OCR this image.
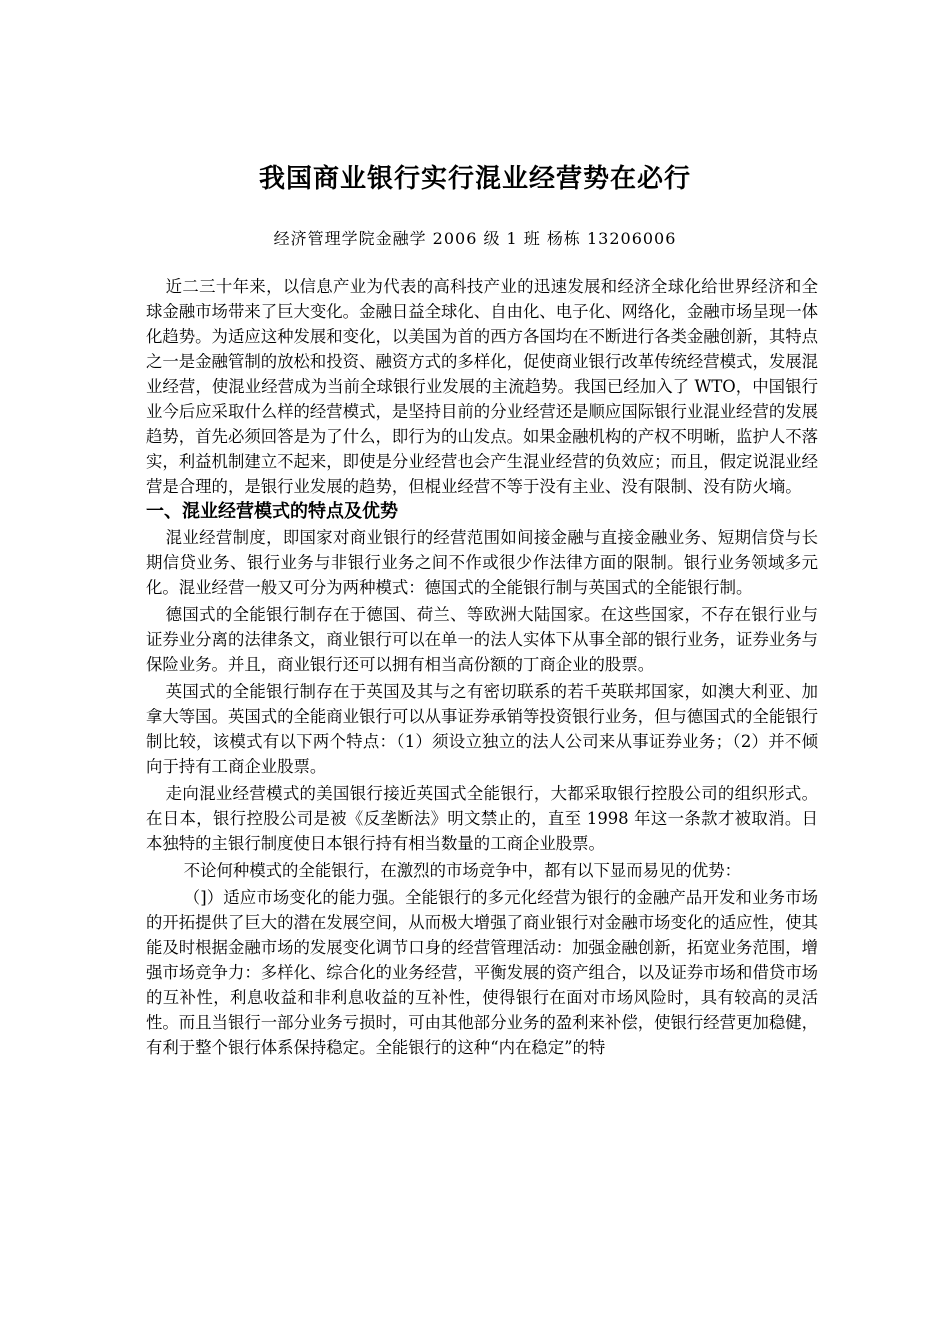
我国商业银行实行混业经营势在必行
经济管理学院金融学 2006 级 1 班 杨栋 13206006

近二三十年来，以信息产业为代表的高科技产业的迅速发展和经济全球化给世界经济和全球金融市场带来了巨大变化。金融日益全球化、自由化、电子化、网络化，金融市场呈现一体化趋势。为适应这种发展和变化，以美国为首的西方各国均在不断进行各类金融创新，其特点之一是金融管制的放松和投资、融资方式的多样化，促使商业银行改革传统经营模式，发展混业经营，使混业经营成为当前全球银行业发展的主流趋势。我国已经加入了 WTO，中国银行业今后应采取什么样的经营模式，是坚持目前的分业经营还是顺应国际银行业混业经营的发展趋势，首先必须回答是为了什么，即行为的山发点。如果金融机构的产权不明晰，监护人不落实，利益机制建立不起来，即使是分业经营也会产生混业经营的负效应；而且，假定说混业经营是合理的，是银行业发展的趋势，但棍业经营不等于没有主业、没有限制、没有防火墒。

一、混业经营模式的特点及优势

混业经营制度，即国家对商业银行的经营范围如间接金融与直接金融业务、短期信贷与长期信贷业务、银行业务与非银行业务之间不作或很少作法律方面的限制。银行业务领域多元化。混业经营一般又可分为两种模式：德国式的全能银行制与英国式的全能银行制。

德国式的全能银行制存在于德国、荷兰、等欧洲大陆国家。在这些国家，不存在银行业与证券业分离的法律条文，商业银行可以在单一的法人实体下从事全部的银行业务，证券业务与保险业务。并且，商业银行还可以拥有相当高份额的丁商企业的股票。

英国式的全能银行制存在于英国及其与之有密切联系的若千英联邦国家，如澳大利亚、加拿大等国。英国式的全能商业银行可以从事证券承销等投资银行业务，但与德国式的全能银行制比较，该模式有以下两个特点：（1）须设立独立的法人公司来从事证券业务；（2）并不倾向于持有工商企业股票。

走向混业经营模式的美国银行接近英国式全能银行，大都采取银行控股公司的组织形式。在日本，银行控股公司是被《反垄断法》明文禁止的，直至 1998 年这一条款才被取消。日本独特的主银行制度使日本银行持有相当数量的工商企业股票。

不论何种模式的全能银行，在激烈的市场竞争中，都有以下显而易见的优势：

（]）适应市场变化的能力强。全能银行的多元化经营为银行的金融产品开发和业务市场的开拓提供了巨大的潜在发展空间，从而极大增强了商业银行对金融市场变化的适应性，使其能及时根据金融市场的发展变化调节口身的经营管理活动：加强金融创新，拓宽业务范围，增强市场竞争力：多样化、综合化的业务经营，平衡发展的资产组合，以及证券市场和借贷市场的互补性，利息收益和非利息收益的互补性，使得银行在面对市场风险时，具有较高的灵活性。而且当银行一部分业务亏损时，可由其他部分业务的盈利来补偿，使银行经营更加稳健，有利于整个银行体系保持稳定。全能银行的这种“内在稳定”的特
